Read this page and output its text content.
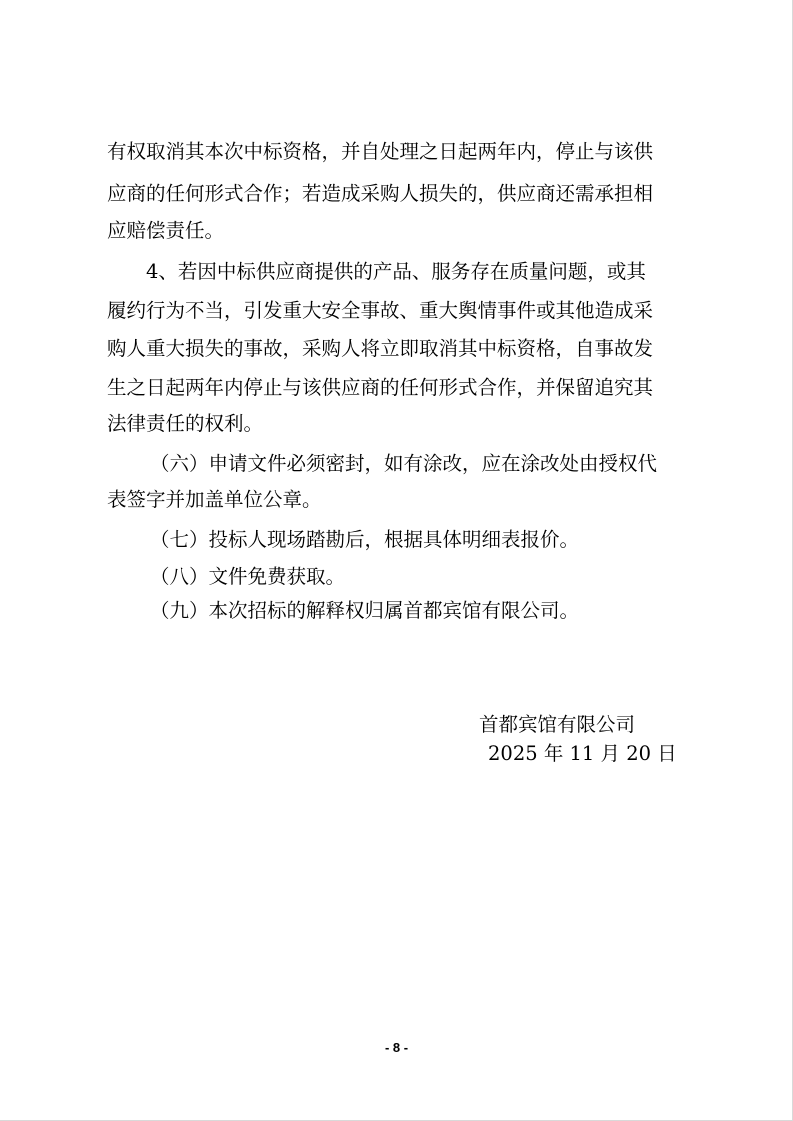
有权取消其本次中标资格，并自处理之日起两年内，停止与该供
应商的任何形式合作；若造成采购人损失的，供应商还需承担相
应赔偿责任。
4、若因中标供应商提供的产品、服务存在质量问题，或其
履约行为不当，引发重大安全事故、重大舆情事件或其他造成采
购人重大损失的事故，采购人将立即取消其中标资格，自事故发
生之日起两年内停止与该供应商的任何形式合作，并保留追究其
法律责任的权利。
（六）申请文件必须密封，如有涂改，应在涂改处由授权代
表签字并加盖单位公章。
（七）投标人现场踏勘后，根据具体明细表报价。
（八）文件免费获取。
（九）本次招标的解释权归属首都宾馆有限公司。
首都宾馆有限公司
2025 年 11 月 20 日
- 8 -
